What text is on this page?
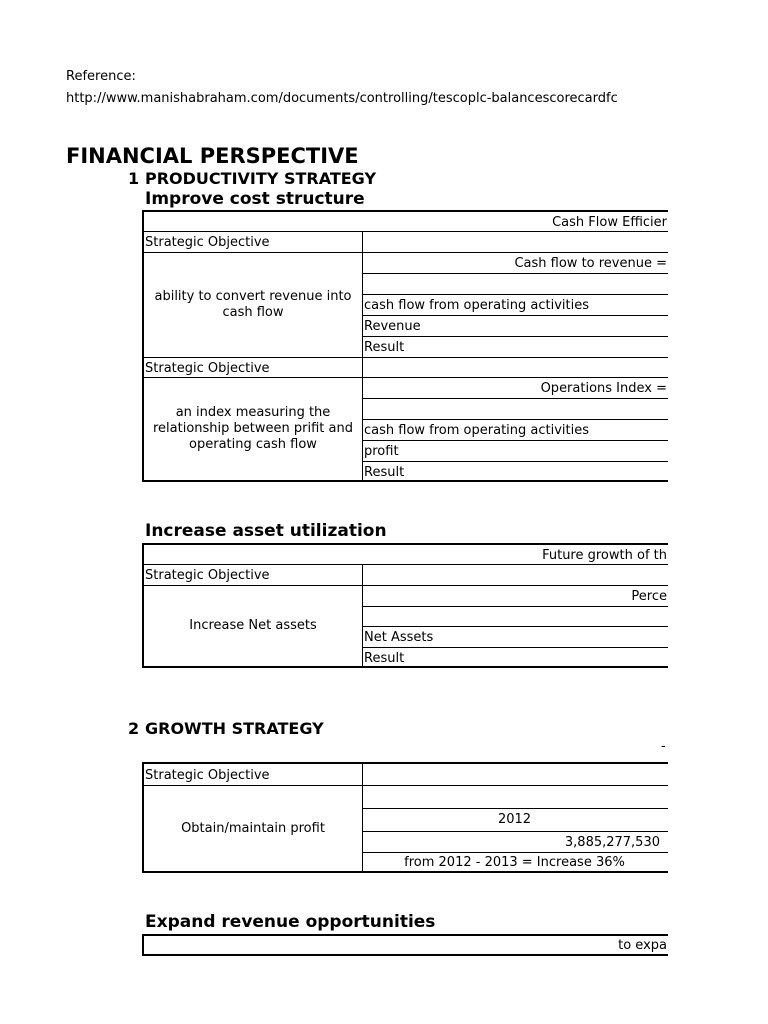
Reference:
http://www.manishabraham.com/documents/controlling/tescoplc-balancescorecardfc
FINANCIAL PERSPECTIVE
1 PRODUCTIVITY STRATEGY
Improve cost structure
Cash Flow Efficier
Strategic Objective
ability to convert revenue into cash flow
Cash flow to revenue =
cash flow from operating activities
Revenue
Result
Strategic Objective
an index measuring the relationship between prifit and operating cash flow
Operations Index =
cash flow from operating activities
profit
Result
Increase asset utilization
Future growth of th
Strategic Objective
Increase Net assets
Perce
Net Assets
Result
2 GROWTH STRATEGY
-
Strategic Objective
Obtain/maintain profit
2012
3,885,277,530
from 2012 - 2013 = Increase 36%
Expand revenue opportunities
to expa
